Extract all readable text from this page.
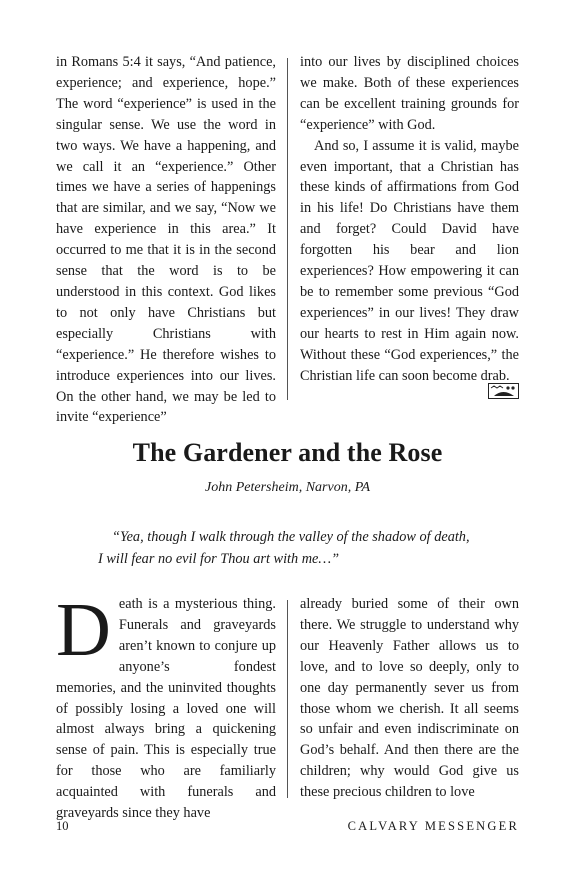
in Romans 5:4 it says, “And patience, experience; and experience, hope.” The word “experience” is used in the singular sense. We use the word in two ways. We have a happening, and we call it an “experience.” Other times we have a series of happenings that are similar, and we say, “Now we have experience in this area.” It occurred to me that it is in the second sense that the word is to be understood in this context. God likes to not only have Christians but especially Christians with “experience.” He therefore wishes to introduce experiences into our lives. On the other hand, we may be led to invite “experience”

into our lives by disciplined choices we make. Both of these experiences can be excellent training grounds for “experience” with God.

And so, I assume it is valid, maybe even important, that a Christian has these kinds of affirmations from God in his life! Do Christians have them and forget? Could David have forgotten his bear and lion experiences? How empowering it can be to remember some previous “God experiences” in our lives! They draw our hearts to rest in Him again now. Without these “God experiences,” the Christian life can soon become drab.

The Gardener and the Rose

John Petersheim, Narvon, PA

“Yea, though I walk through the valley of the shadow of death,
I will fear no evil for Thou art with me…”

D eath is a mysterious thing. Funerals and graveyards aren’t known to conjure up anyone’s fondest memories, and the uninvited thoughts of possibly losing a loved one will almost always bring a quickening sense of pain. This is especially true for those who are familiarly acquainted with funerals and graveyards since they have

already buried some of their own there. We struggle to understand why our Heavenly Father allows us to love, and to love so deeply, only to one day permanently sever us from those whom we cherish. It all seems so unfair and even indiscriminate on God’s behalf. And then there are the children; why would God give us these precious children to love

10	CALVARY MESSENGER
